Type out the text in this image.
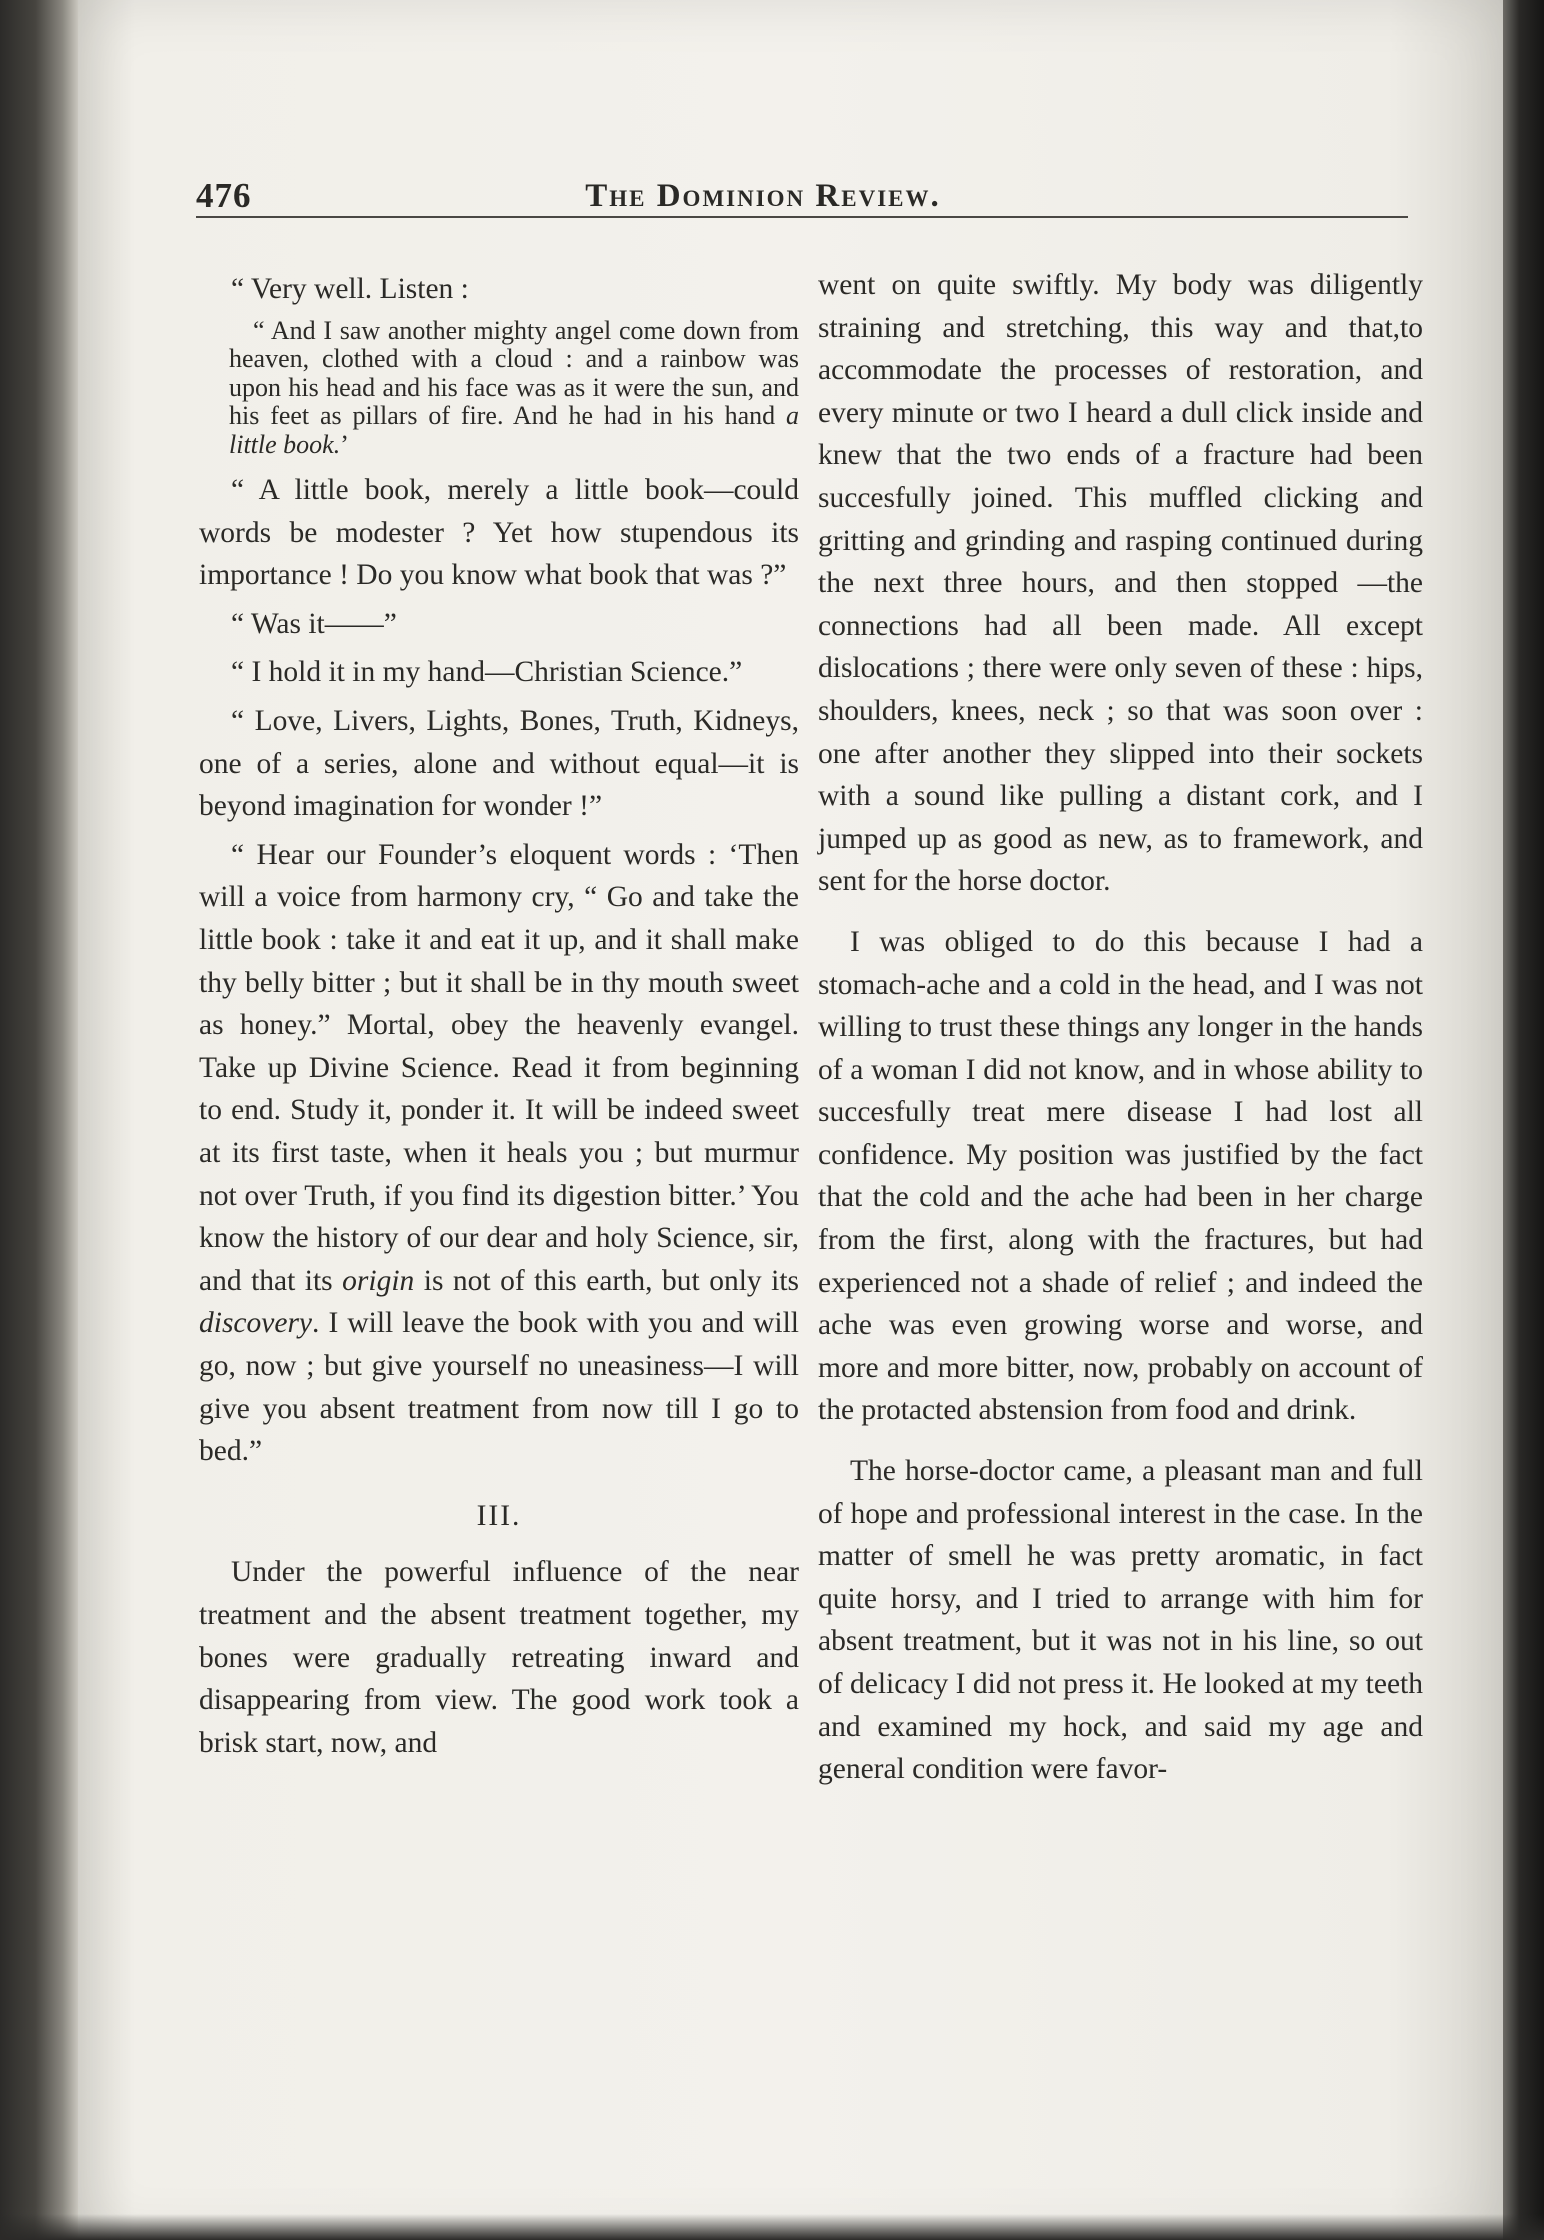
476	The Dominion Review.

“ Very well. Listen :

“ And I saw another mighty angel come down from heaven, clothed with a cloud : and a rainbow was upon his head and his face was as it were the sun, and his feet as pillars of fire. And he had in his hand a little book.’

“ A little book, merely a little book—could words be modester ? Yet how stupendous its importance ! Do you know what book that was ?”

“ Was it——”

“ I hold it in my hand—Christian Science.”

“ Love, Livers, Lights, Bones, Truth, Kidneys, one of a series, alone and without equal—it is beyond imagination for wonder !”

“ Hear our Founder’s eloquent words : ‘Then will a voice from harmony cry, “ Go and take the little book : take it and eat it up, and it shall make thy belly bitter ; but it shall be in thy mouth sweet as honey.” Mortal, obey the heavenly evangel. Take up Divine Science. Read it from beginning to end. Study it, ponder it. It will be indeed sweet at its first taste, when it heals you ; but murmur not over Truth, if you find its digestion bitter.’ You know the history of our dear and holy Science, sir, and that its origin is not of this earth, but only its discovery. I will leave the book with you and will go, now ; but give yourself no uneasiness—I will give you absent treatment from now till I go to bed.”

III.

Under the powerful influence of the near treatment and the absent treatment together, my bones were gradually retreating inward and disappearing from view. The good work took a brisk start, now, and

went on quite swiftly. My body was diligently straining and stretching, this way and that,to accommodate the processes of restoration, and every minute or two I heard a dull click inside and knew that the two ends of a fracture had been succesfully joined. This muffled clicking and gritting and grinding and rasping continued during the next three hours, and then stopped —the connections had all been made. All except dislocations ; there were only seven of these : hips, shoulders, knees, neck ; so that was soon over : one after another they slipped into their sockets with a sound like pulling a distant cork, and I jumped up as good as new, as to framework, and sent for the horse doctor.

I was obliged to do this because I had a stomach-ache and a cold in the head, and I was not willing to trust these things any longer in the hands of a woman I did not know, and in whose ability to succesfully treat mere disease I had lost all confidence. My position was justified by the fact that the cold and the ache had been in her charge from the first, along with the fractures, but had experienced not a shade of relief ; and indeed the ache was even growing worse and worse, and more and more bitter, now, probably on account of the protacted abstension from food and drink.

The horse-doctor came, a pleasant man and full of hope and professional interest in the case. In the matter of smell he was pretty aromatic, in fact quite horsy, and I tried to arrange with him for absent treatment, but it was not in his line, so out of delicacy I did not press it. He looked at my teeth and examined my hock, and said my age and general condition were favor-
